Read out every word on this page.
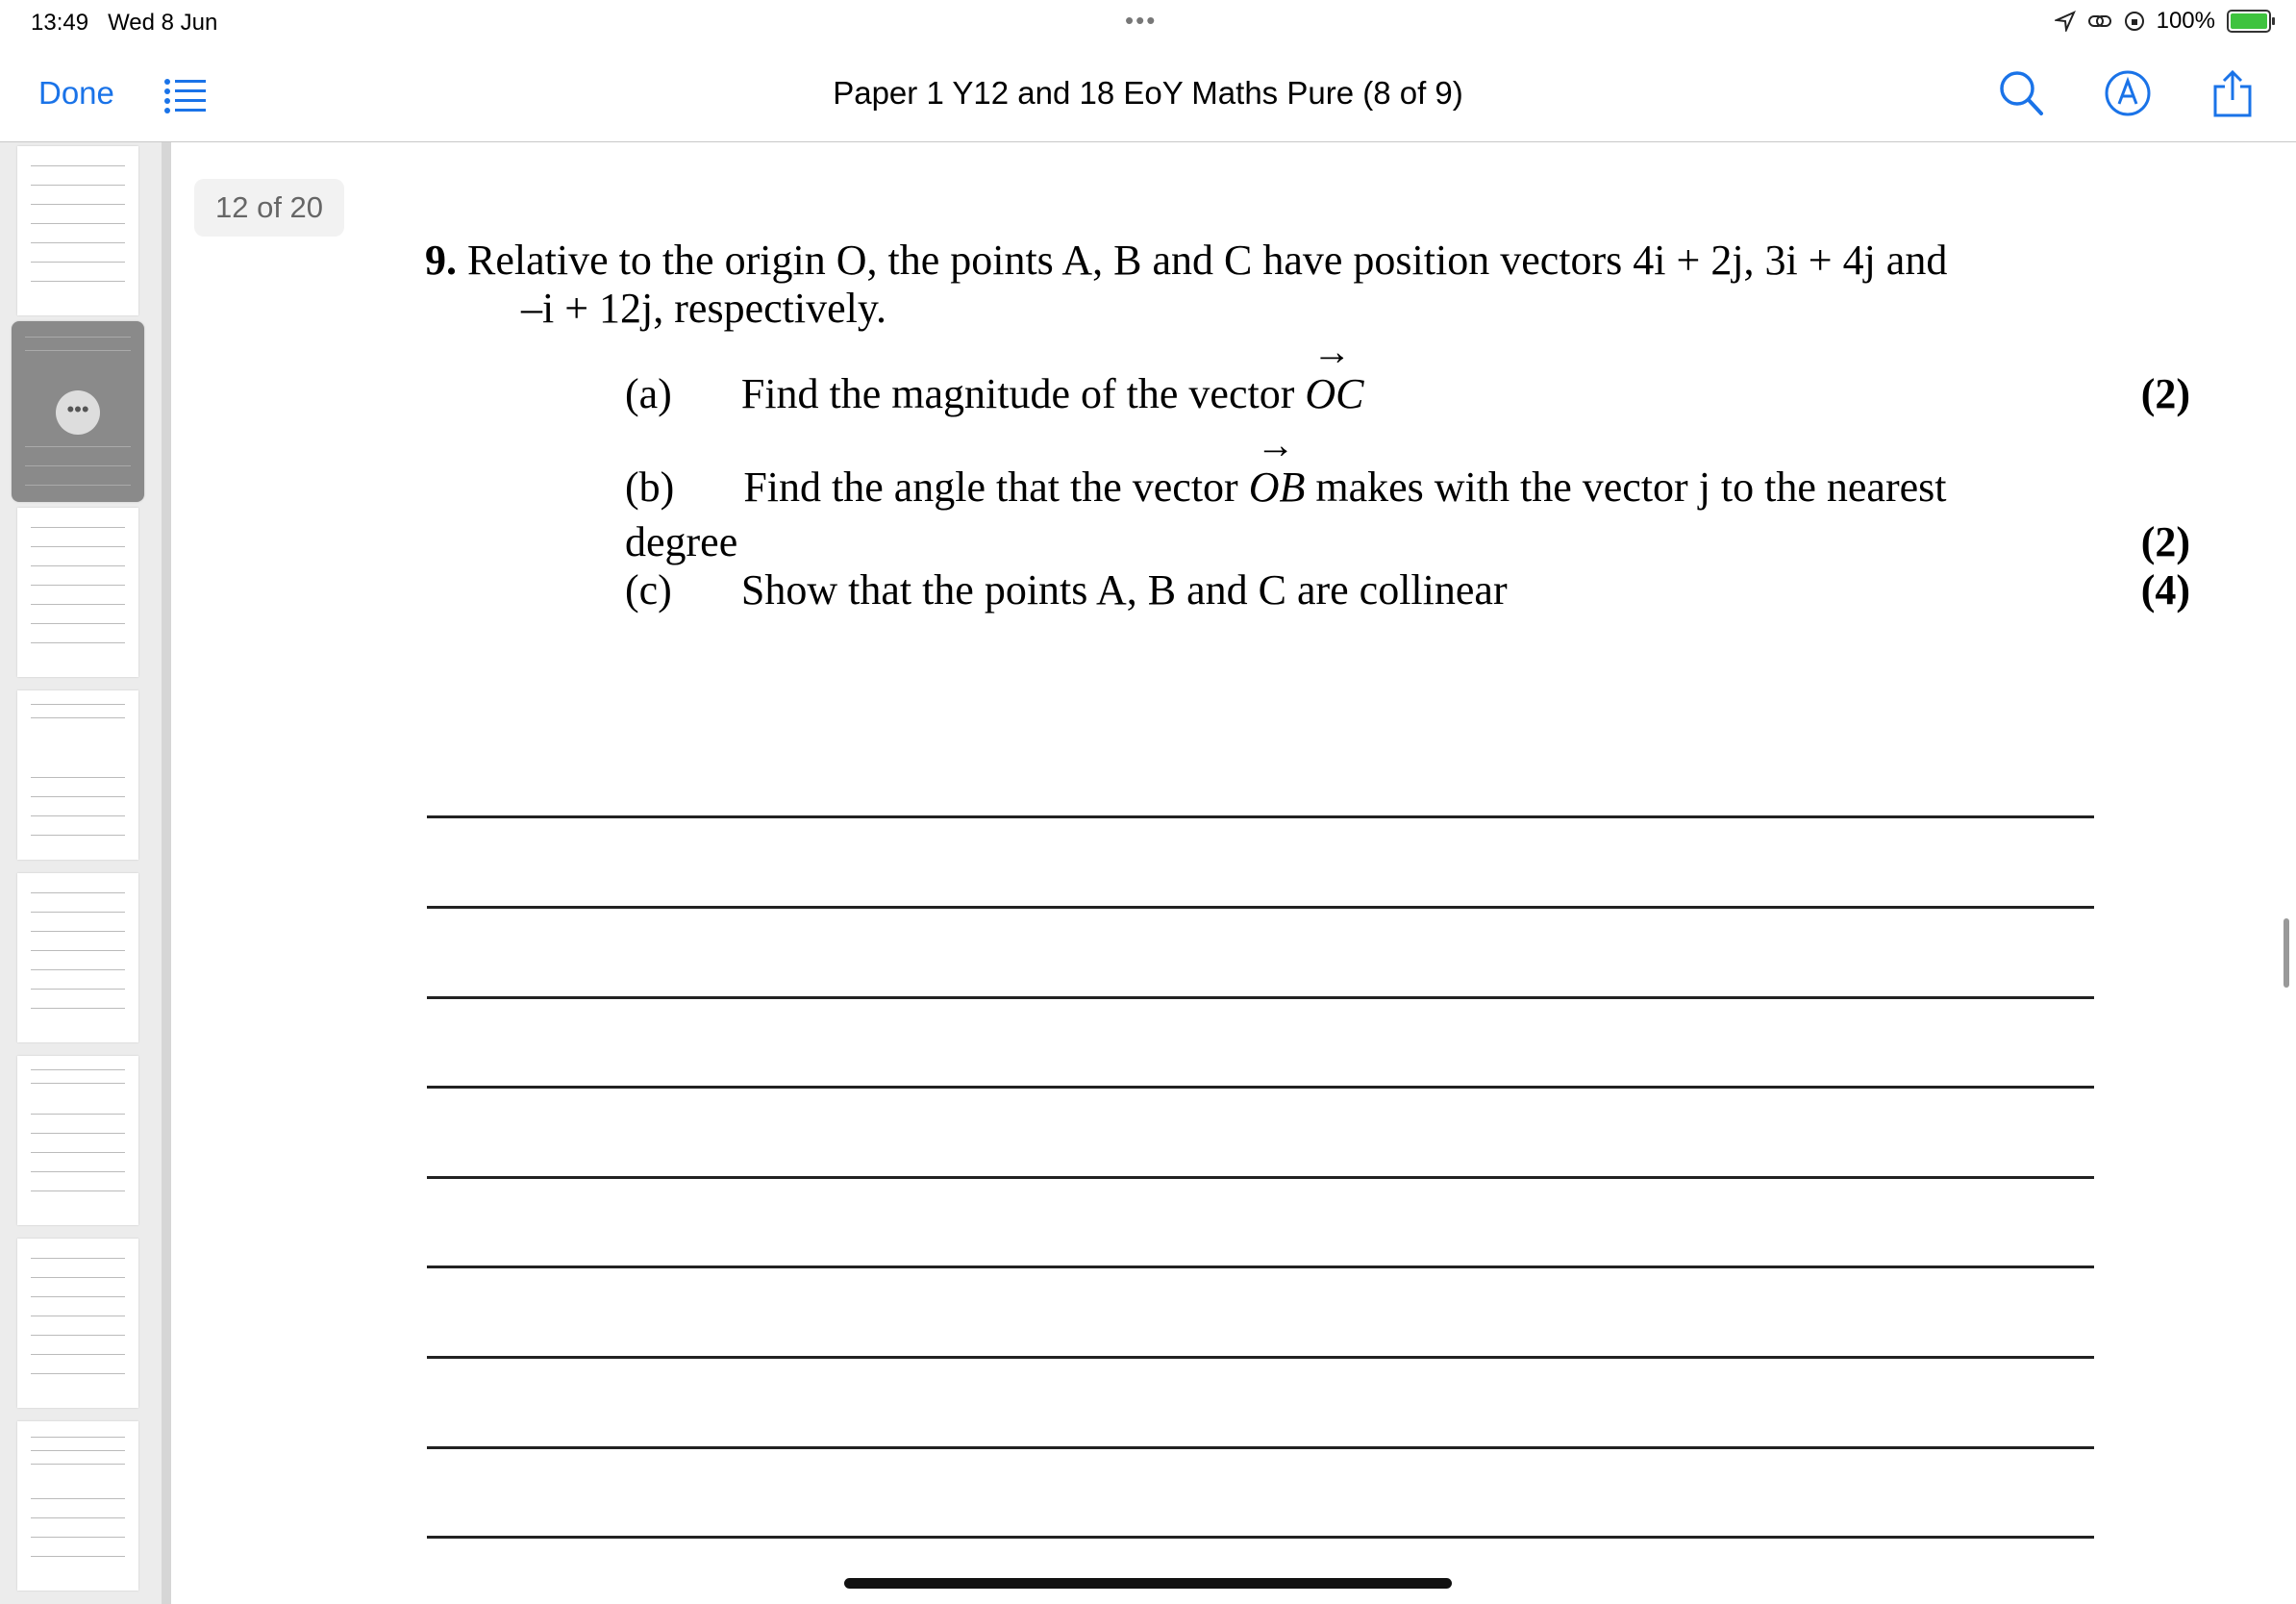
13:49 Wed 8 Jun	•••	100%
Done	Paper 1 Y12 and 18 EoY Maths Pure (8 of 9)
•••
12 of 20
9. Relative to the origin O, the points A, B and C have position vectors 4i + 2j, 3i + 4j and
–i + 12j, respectively.
(a) Find the magnitude of the vector → OC	(2)
(b) Find the angle that the vector → OB makes with the vector j to the nearest
degree	(2)
(c) Show that the points A, B and C are collinear	(4)
